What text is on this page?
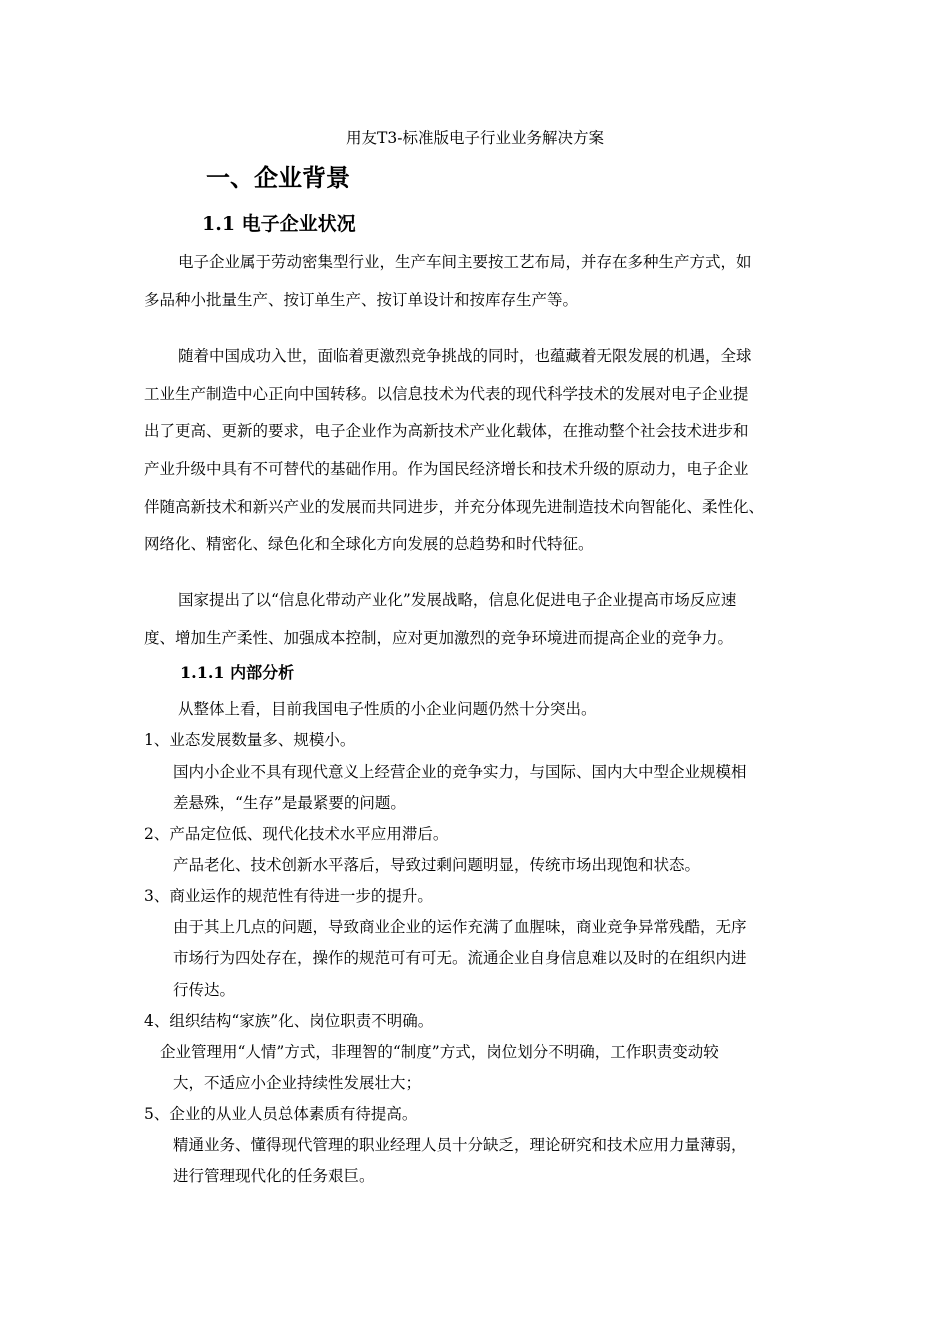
用友T3-标准版电子行业业务解决方案
一、企业背景
1.1 电子企业状况
电子企业属于劳动密集型行业，生产车间主要按工艺布局，并存在多种生产方式，如
多品种小批量生产、按订单生产、按订单设计和按库存生产等。
随着中国成功入世，面临着更激烈竞争挑战的同时，也蕴藏着无限发展的机遇，全球
工业生产制造中心正向中国转移。以信息技术为代表的现代科学技术的发展对电子企业提
出了更高、更新的要求，电子企业作为高新技术产业化载体，在推动整个社会技术进步和
产业升级中具有不可替代的基础作用。作为国民经济增长和技术升级的原动力，电子企业
伴随高新技术和新兴产业的发展而共同进步，并充分体现先进制造技术向智能化、柔性化、
网络化、精密化、绿色化和全球化方向发展的总趋势和时代特征。
国家提出了以“信息化带动产业化”发展战略，信息化促进电子企业提高市场反应速
度、增加生产柔性、加强成本控制，应对更加激烈的竞争环境进而提高企业的竞争力。
1.1.1 内部分析
从整体上看，目前我国电子性质的小企业问题仍然十分突出。
1、业态发展数量多、规模小。
国内小企业不具有现代意义上经营企业的竞争实力，与国际、国内大中型企业规模相
差悬殊，“生存”是最紧要的问题。
2、产品定位低、现代化技术水平应用滞后。
产品老化、技术创新水平落后，导致过剩问题明显，传统市场出现饱和状态。
3、商业运作的规范性有待进一步的提升。
由于其上几点的问题，导致商业企业的运作充满了血腥味，商业竞争异常残酷，无序
市场行为四处存在，操作的规范可有可无。流通企业自身信息难以及时的在组织内进
行传达。
4、组织结构“家族”化、岗位职责不明确。
企业管理用“人情”方式，非理智的“制度”方式，岗位划分不明确，工作职责变动较
大，不适应小企业持续性发展壮大；
5、企业的从业人员总体素质有待提高。
精通业务、懂得现代管理的职业经理人员十分缺乏，理论研究和技术应用力量薄弱，
进行管理现代化的任务艰巨。
